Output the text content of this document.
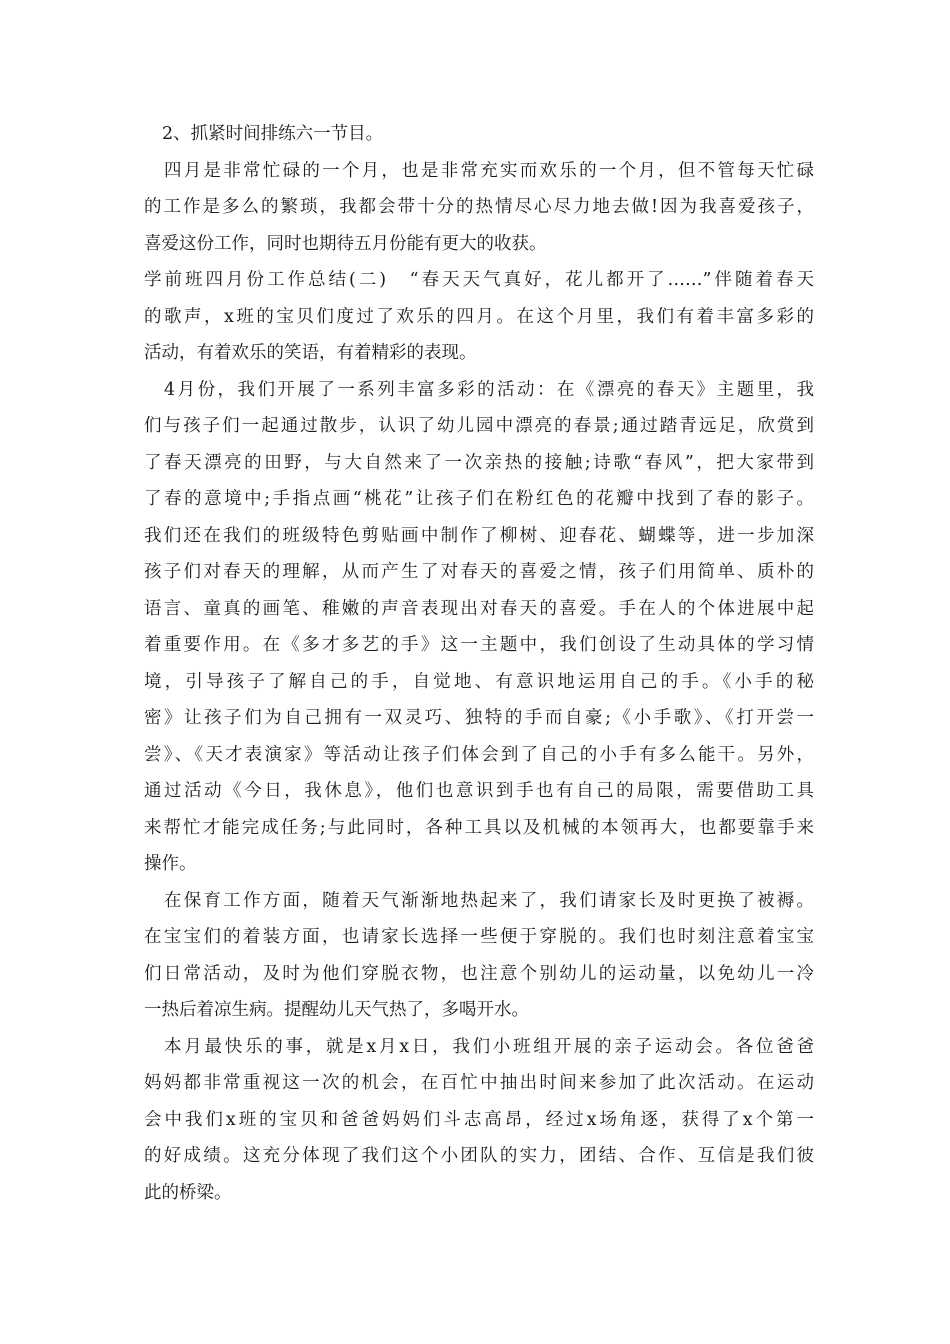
2、抓紧时间排练六一节目。
四月是非常忙碌的一个月，也是非常充实而欢乐的一个月，但不管每天忙碌
的工作是多么的繁琐，我都会带十分的热情尽心尽力地去做!因为我喜爱孩子，
喜爱这份工作，同时也期待五月份能有更大的收获。
学前班四月份工作总结(二)　“春天天气真好，花儿都开了……”伴随着春天
的歌声，x班的宝贝们度过了欢乐的四月。在这个月里，我们有着丰富多彩的
活动，有着欢乐的笑语，有着精彩的表现。
4月份，我们开展了一系列丰富多彩的活动：在《漂亮的春天》主题里，我
们与孩子们一起通过散步，认识了幼儿园中漂亮的春景;通过踏青远足，欣赏到
了春天漂亮的田野，与大自然来了一次亲热的接触;诗歌“春风”，把大家带到
了春的意境中;手指点画“桃花”让孩子们在粉红色的花瓣中找到了春的影子。
我们还在我们的班级特色剪贴画中制作了柳树、迎春花、蝴蝶等，进一步加深
孩子们对春天的理解，从而产生了对春天的喜爱之情，孩子们用简单、质朴的
语言、童真的画笔、稚嫩的声音表现出对春天的喜爱。手在人的个体进展中起
着重要作用。在《多才多艺的手》这一主题中，我们创设了生动具体的学习情
境，引导孩子了解自己的手，自觉地、有意识地运用自己的手。《小手的秘
密》让孩子们为自己拥有一双灵巧、独特的手而自豪;《小手歌》、《打开尝一
尝》、《天才表演家》等活动让孩子们体会到了自己的小手有多么能干。另外，
通过活动《今日，我休息》，他们也意识到手也有自己的局限，需要借助工具
来帮忙才能完成任务;与此同时，各种工具以及机械的本领再大，也都要靠手来
操作。
在保育工作方面，随着天气渐渐地热起来了，我们请家长及时更换了被褥。
在宝宝们的着装方面，也请家长选择一些便于穿脱的。我们也时刻注意着宝宝
们日常活动，及时为他们穿脱衣物，也注意个别幼儿的运动量，以免幼儿一冷
一热后着凉生病。提醒幼儿天气热了，多喝开水。
本月最快乐的事，就是x月x日，我们小班组开展的亲子运动会。各位爸爸
妈妈都非常重视这一次的机会，在百忙中抽出时间来参加了此次活动。在运动
会中我们x班的宝贝和爸爸妈妈们斗志高昂，经过x场角逐，获得了x个第一
的好成绩。这充分体现了我们这个小团队的实力，团结、合作、互信是我们彼
此的桥梁。
